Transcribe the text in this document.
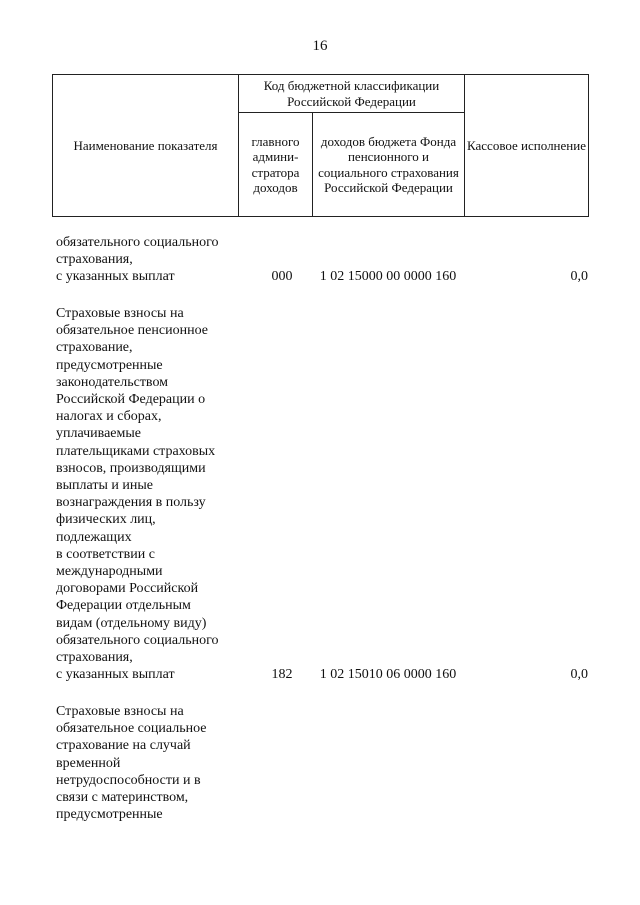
16
Наименование показателя	Код бюджетной классификации Российской Федерации		Кассовое исполнение
	главного админи-стратора доходов	доходов бюджета Фонда пенсионного и социального страхования Российской Федерации	
обязательного социального
страхования,
с указанных выплат	000	1 02 15000 00 0000 160	0,0
Страховые взносы на
обязательное пенсионное
страхование,
предусмотренные
законодательством
Российской Федерации о
налогах и сборах,
уплачиваемые
плательщиками страховых
взносов, производящими
выплаты и иные
вознаграждения в пользу
физических лиц,
подлежащих
в соответствии с
международными
договорами Российской
Федерации отдельным
видам (отдельному виду)
обязательного социального
страхования,
с указанных выплат	182	1 02 15010 06 0000 160	0,0
Страховые взносы на
обязательное социальное
страхование на случай
временной
нетрудоспособности и в
связи с материнством,
предусмотренные
